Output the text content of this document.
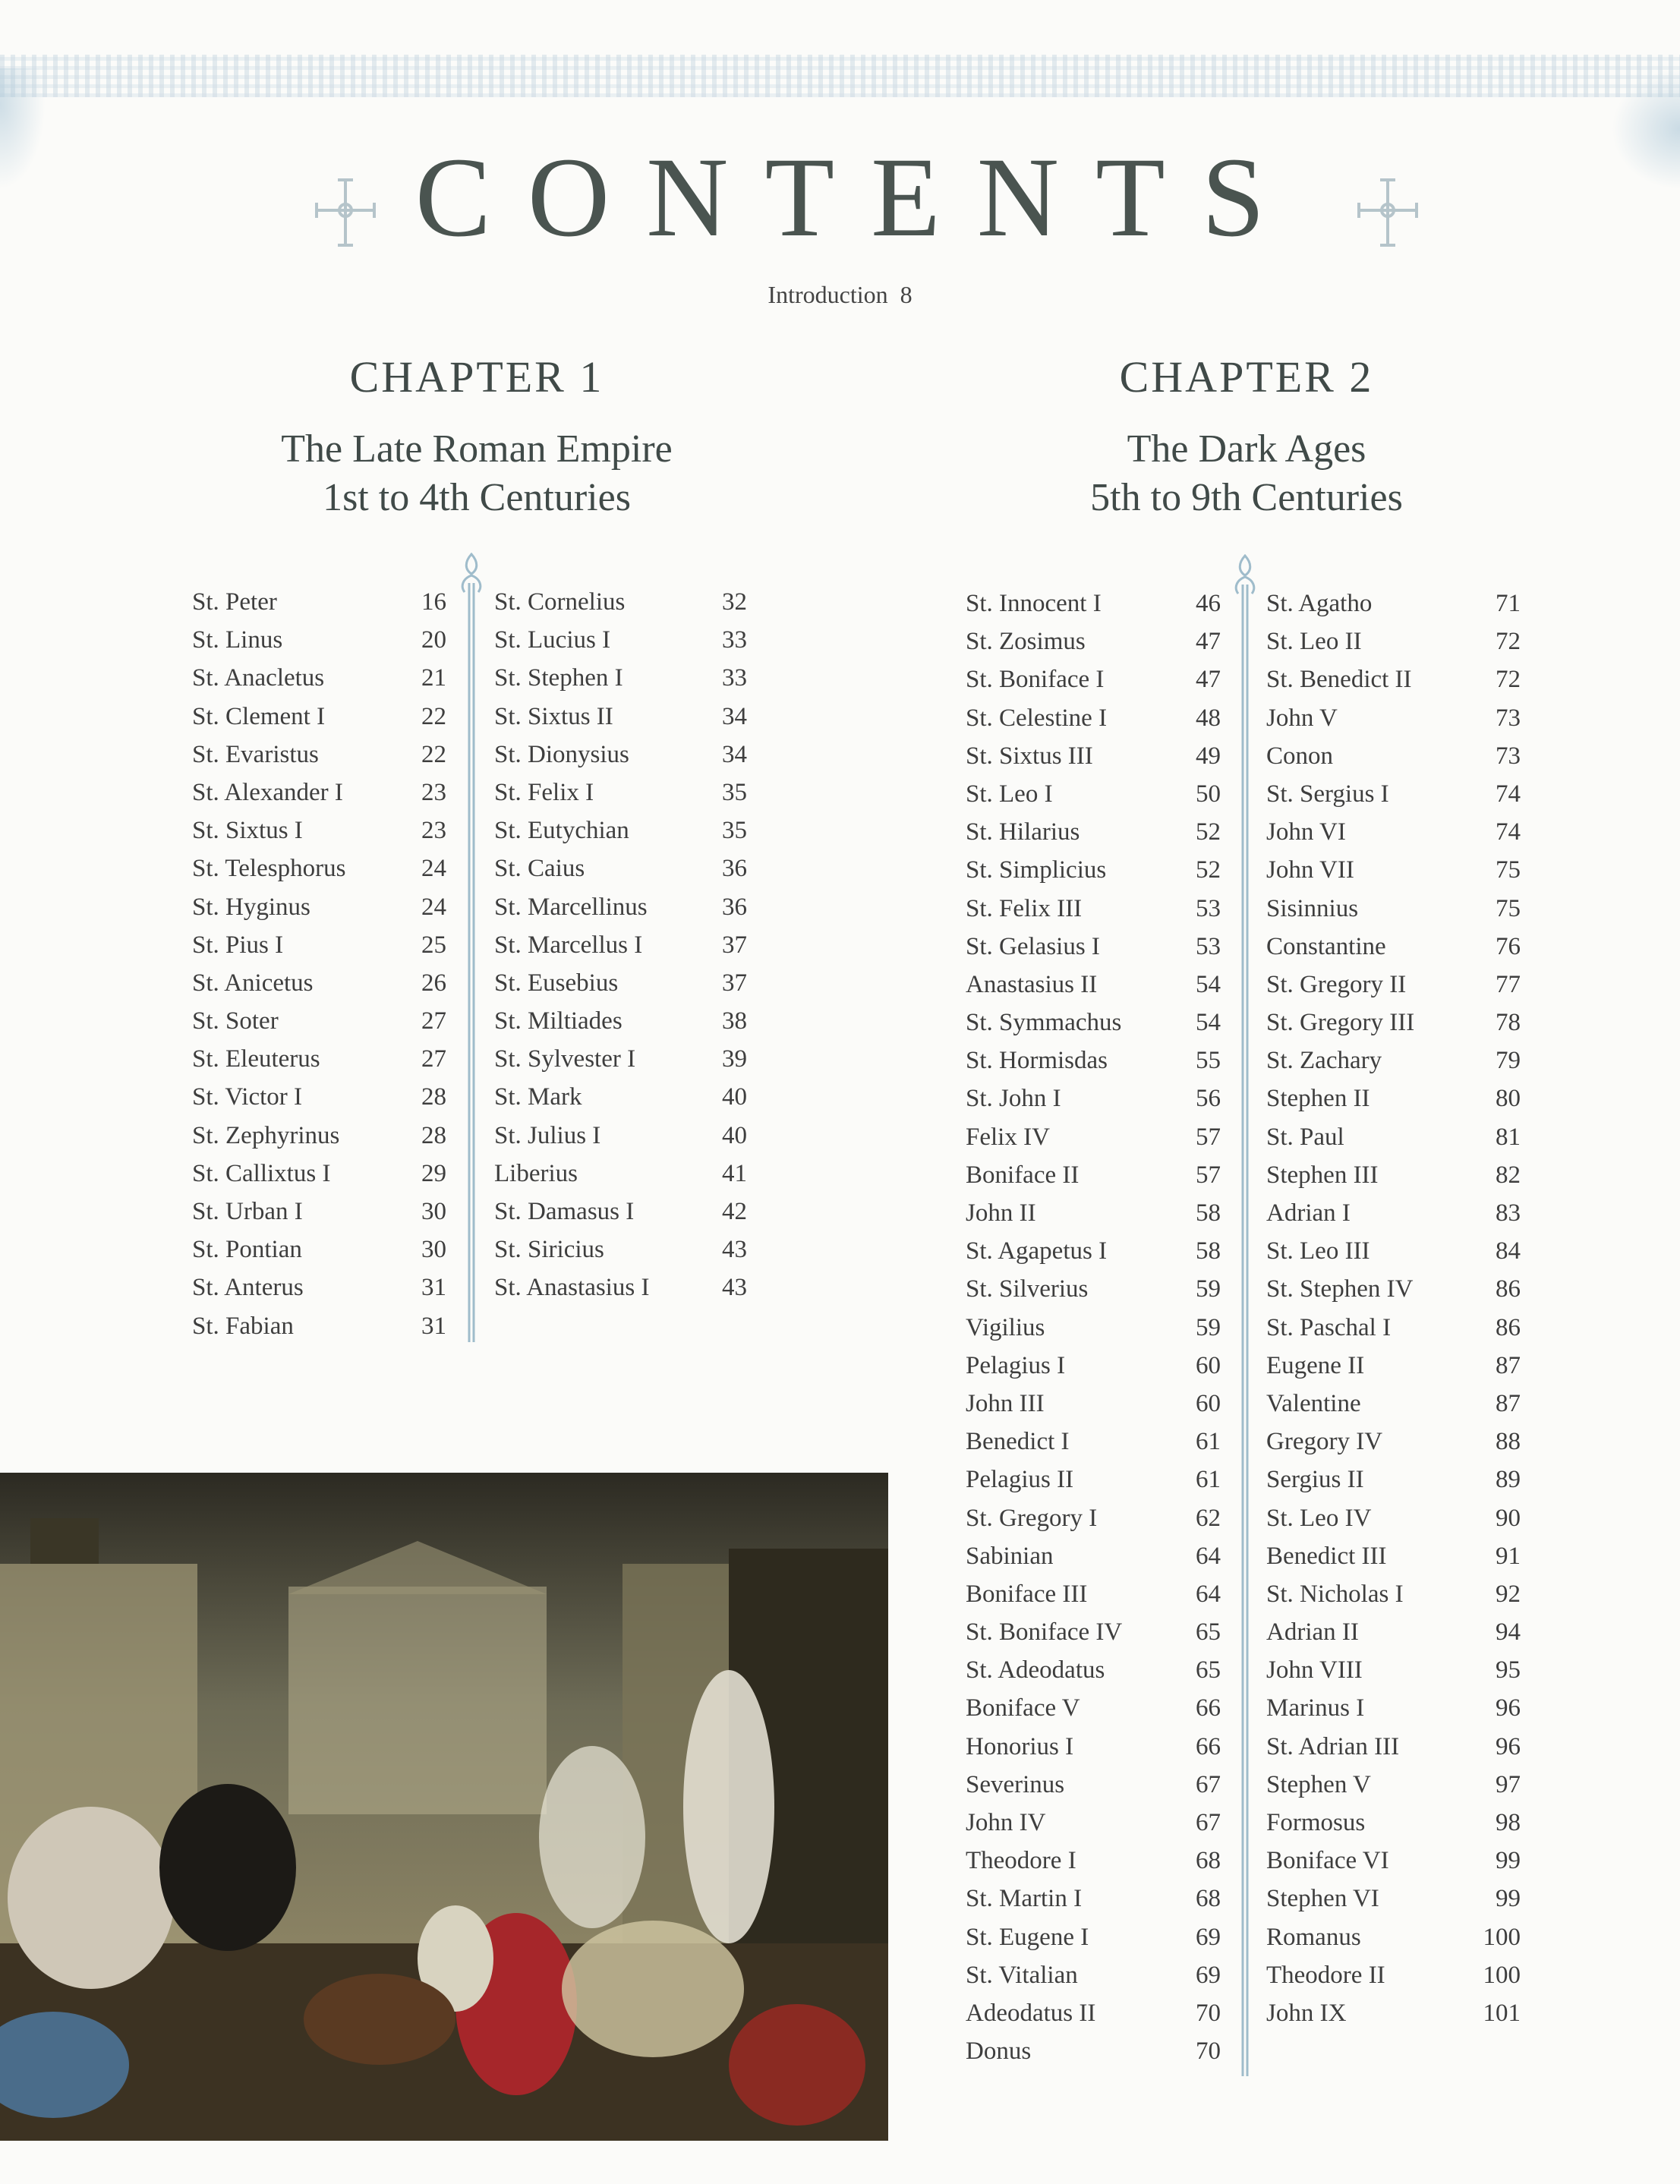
CONTENTS
Introduction 8
CHAPTER 1
The Late Roman Empire
1st to 4th Centuries
CHAPTER 2
The Dark Ages
5th to 9th Centuries
St. Peter	16
St. Linus	20
St. Anacletus	21
St. Clement I	22
St. Evaristus	22
St. Alexander I	23
St. Sixtus I	23
St. Telesphorus	24
St. Hyginus	24
St. Pius I	25
St. Anicetus	26
St. Soter	27
St. Eleuterus	27
St. Victor I	28
St. Zephyrinus	28
St. Callixtus I	29
St. Urban I	30
St. Pontian	30
St. Anterus	31
St. Fabian	31
St. Cornelius	32
St. Lucius I	33
St. Stephen I	33
St. Sixtus II	34
St. Dionysius	34
St. Felix I	35
St. Eutychian	35
St. Caius	36
St. Marcellinus	36
St. Marcellus I	37
St. Eusebius	37
St. Miltiades	38
St. Sylvester I	39
St. Mark	40
St. Julius I	40
Liberius	41
St. Damasus I	42
St. Siricius	43
St. Anastasius I	43
St. Innocent I	46
St. Zosimus	47
St. Boniface I	47
St. Celestine I	48
St. Sixtus III	49
St. Leo I	50
St. Hilarius	52
St. Simplicius	52
St. Felix III	53
St. Gelasius I	53
Anastasius II	54
St. Symmachus	54
St. Hormisdas	55
St. John I	56
Felix IV	57
Boniface II	57
John II	58
St. Agapetus I	58
St. Silverius	59
Vigilius	59
Pelagius I	60
John III	60
Benedict I	61
Pelagius II	61
St. Gregory I	62
Sabinian	64
Boniface III	64
St. Boniface IV	65
St. Adeodatus	65
Boniface V	66
Honorius I	66
Severinus	67
John IV	67
Theodore I	68
St. Martin I	68
St. Eugene I	69
St. Vitalian	69
Adeodatus II	70
Donus	70
St. Agatho	71
St. Leo II	72
St. Benedict II	72
John V	73
Conon	73
St. Sergius I	74
John VI	74
John VII	75
Sisinnius	75
Constantine	76
St. Gregory II	77
St. Gregory III	78
St. Zachary	79
Stephen II	80
St. Paul	81
Stephen III	82
Adrian I	83
St. Leo III	84
St. Stephen IV	86
St. Paschal I	86
Eugene II	87
Valentine	87
Gregory IV	88
Sergius II	89
St. Leo IV	90
Benedict III	91
St. Nicholas I	92
Adrian II	94
John VIII	95
Marinus I	96
St. Adrian III	96
Stephen V	97
Formosus	98
Boniface VI	99
Stephen VI	99
Romanus	100
Theodore II	100
John IX	101
